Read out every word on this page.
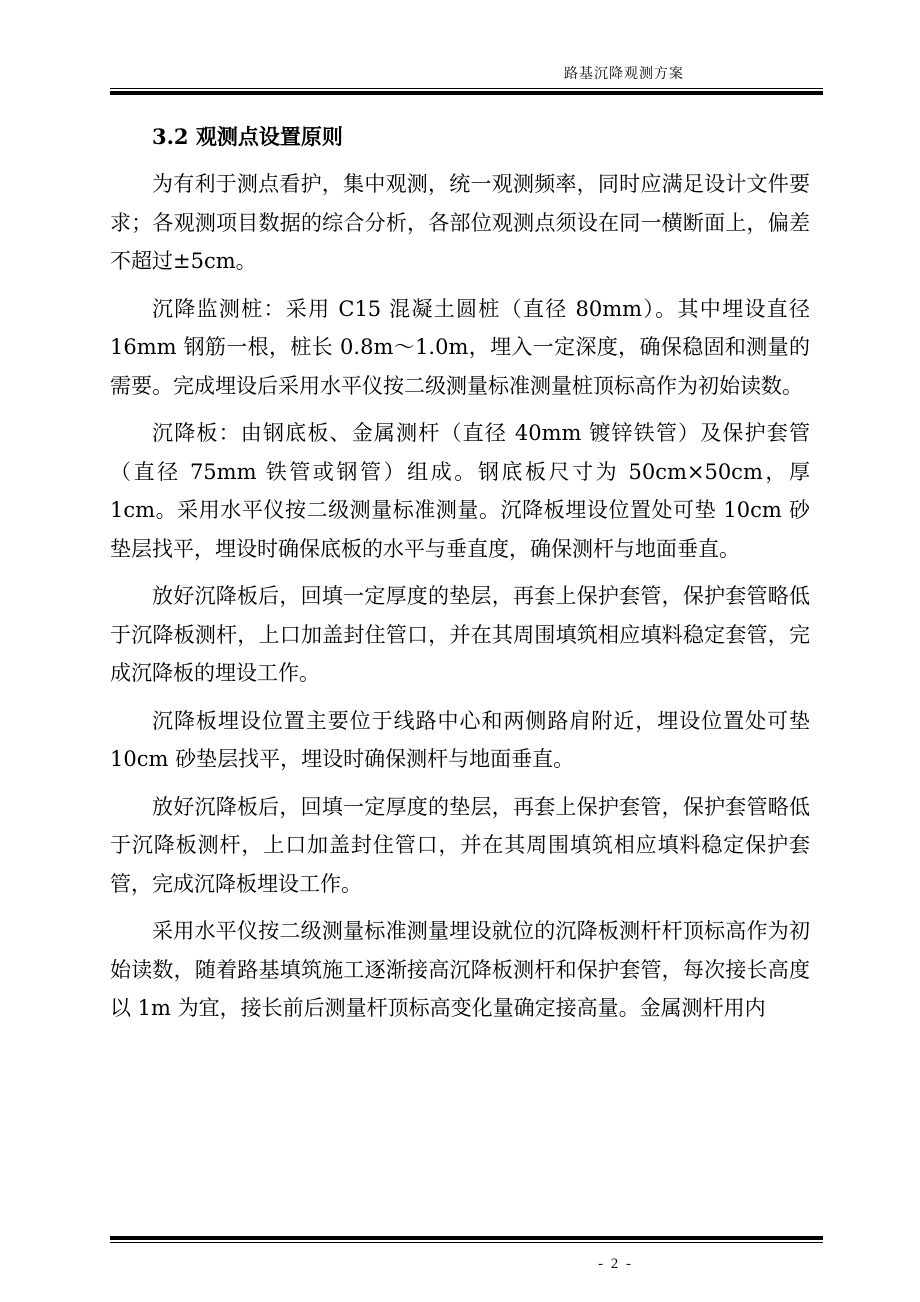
路基沉降观测方案
3.2 观测点设置原则

为有利于测点看护，集中观测，统一观测频率，同时应满足设计文件要求；各观测项目数据的综合分析，各部位观测点须设在同一横断面上，偏差不超过±5cm。

沉降监测桩：采用 C15 混凝土圆桩（直径 80mm）。其中埋设直径 16mm 钢筋一根，桩长 0.8m～1.0m，埋入一定深度，确保稳固和测量的需要。完成埋设后采用水平仪按二级测量标准测量桩顶标高作为初始读数。

沉降板：由钢底板、金属测杆（直径 40mm 镀锌铁管）及保护套管（直径 75mm 铁管或钢管）组成。钢底板尺寸为 50cm×50cm，厚 1cm。采用水平仪按二级测量标准测量。沉降板埋设位置处可垫 10cm 砂垫层找平，埋设时确保底板的水平与垂直度，确保测杆与地面垂直。

放好沉降板后，回填一定厚度的垫层，再套上保护套管，保护套管略低于沉降板测杆，上口加盖封住管口，并在其周围填筑相应填料稳定套管，完成沉降板的埋设工作。

沉降板埋设位置主要位于线路中心和两侧路肩附近，埋设位置处可垫10cm 砂垫层找平，埋设时确保测杆与地面垂直。

放好沉降板后，回填一定厚度的垫层，再套上保护套管，保护套管略低于沉降板测杆，上口加盖封住管口，并在其周围填筑相应填料稳定保护套管，完成沉降板埋设工作。

采用水平仪按二级测量标准测量埋设就位的沉降板测杆杆顶标高作为初始读数，随着路基填筑施工逐渐接高沉降板测杆和保护套管，每次接长高度以 1m 为宜，接长前后测量杆顶标高变化量确定接高量。金属测杆用内

- 2 -
